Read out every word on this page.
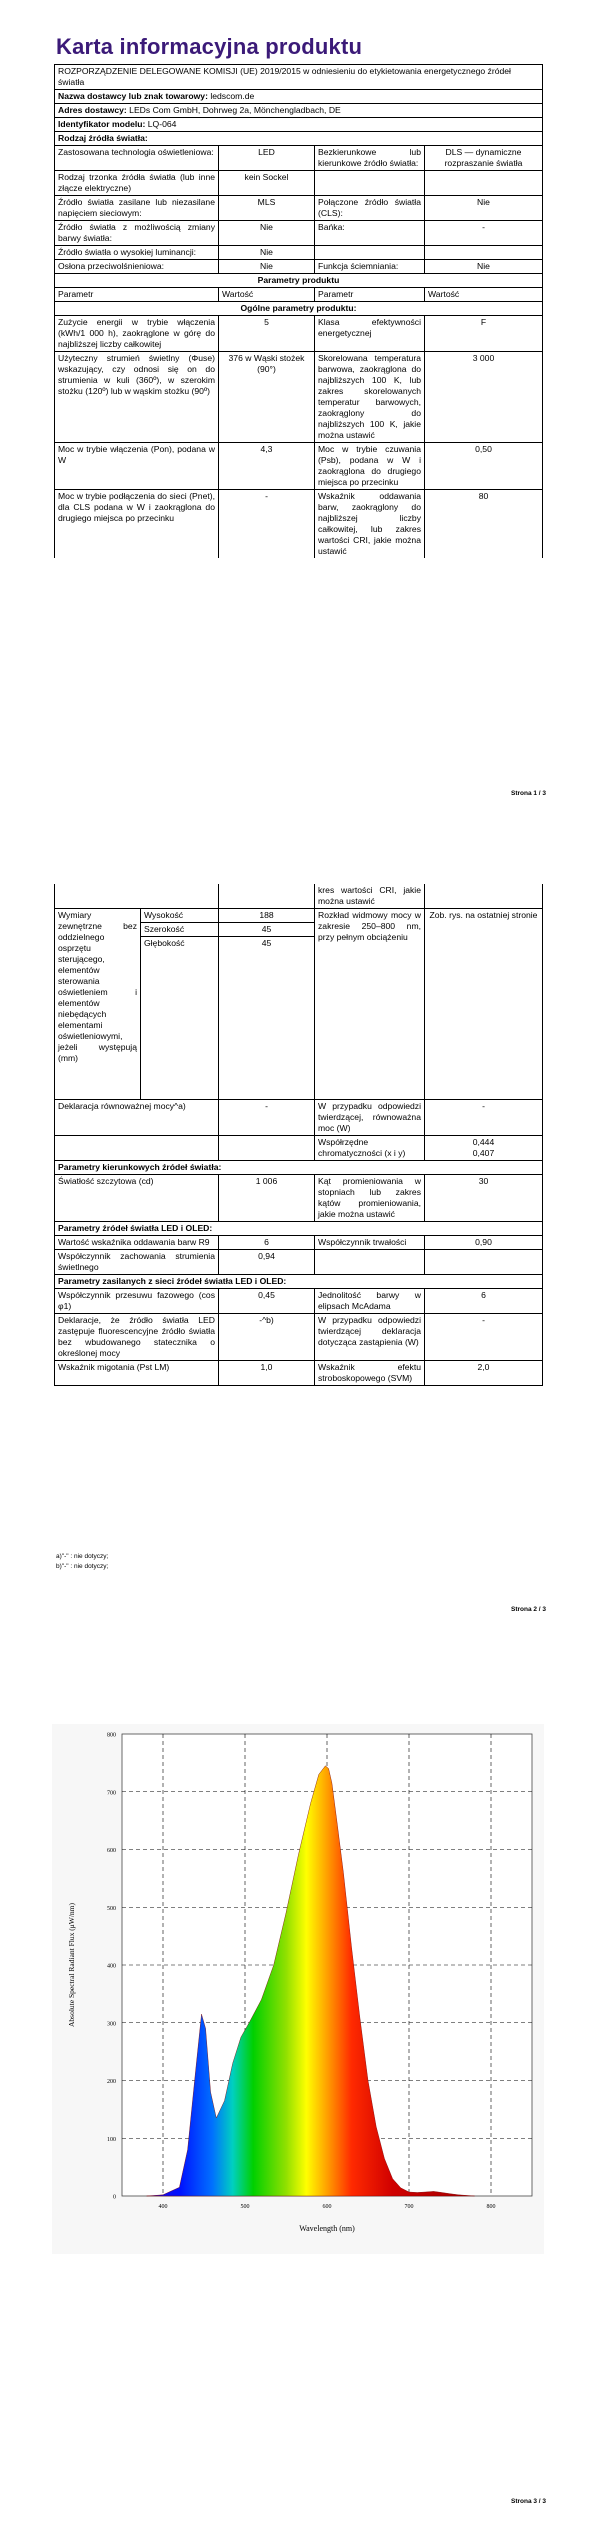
Karta informacyjna produktu
ROZPORZĄDZENIE DELEGOWANE KOMISJI (UE) 2019/2015 w odniesieniu do etykietowania energetycznego źródeł światła			
Nazwa dostawcy lub znak towarowy: ledscom.de			
Adres dostawcy: LEDs Com GmbH, Dohrweg 2a, Mönchengladbach, DE			
Identyfikator modelu: LQ-064			
Rodzaj źródła światła:			
Zastosowana technologia oświetleniowa:	LED	Bezkierunkowe lub kierunkowe źródło światła:	DLS — dynamiczne rozpraszanie światła
Rodzaj trzonka źródła światła (lub inne złącze elektryczne)	kein Sockel		
Źródło światła zasilane lub niezasilane napięciem sieciowym:	MLS	Połączone źródło światła (CLS):	Nie
Źródło światła z możliwością zmiany barwy światła:	Nie	Bańka:	-
Źródło światła o wysokiej luminancji:	Nie		
Osłona przeciwolśnieniowa:	Nie	Funkcja ściemniania:	Nie
Parametry produktu			
Parametr	Wartość	Parametr	Wartość
Ogólne parametry produktu:			
Zużycie energii w trybie włączenia (kWh/1 000 h), zaokrąglone w górę do najbliższej liczby całkowitej	5	Klasa efektywności energetycznej	F
Użyteczny strumień świetlny (Φuse) wskazujący, czy odnosi się on do strumienia w kuli (360º), w szerokim stożku (120º) lub w wąskim stożku (90º)	376 w Wąski stożek (90°)	Skorelowana temperatura barwowa, zaokrąglona do najbliższych 100 K, lub zakres skorelowanych temperatur barwowych, zaokrąglony do najbliższych 100 K, jakie można ustawić	3 000
Moc w trybie włączenia (Pon), podana w W	4,3	Moc w trybie czuwania (Psb), podana w W i zaokrąglona do drugiego miejsca po przecinku	0,50
Moc w trybie podłączenia do sieci (Pnet), dla CLS podana w W i zaokrąglona do drugiego miejsca po przecinku	-	Wskaźnik oddawania barw, zaokrąglony do najbliższej liczby całkowitej, lub zakres wartości CRI, jakie można ustawić	80
Strona 1 / 3
			kres wartości CRI, jakie można ustawić	
Wymiary zewnętrzne bez oddzielnego osprzętu sterującego, elementów sterowania oświetleniem i elementów niebędących elementami oświetleniowymi, jeżeli występują (mm)	Wysokość	188	Rozkład widmowy mocy w zakresie 250–800 nm, przy pełnym obciążeniu	Zob. rys. na ostatniej stronie
	Szerokość	45		
	Głębokość	45		
Deklaracja równoważnej mocy^a)		-	W przypadku odpowiedzi twierdzącej, równoważna moc (W)	-
			Współrzędne chromatyczności (x i y)	0,444
0,407
Parametry kierunkowych źródeł światła:				
Światłość szczytowa (cd)		1 006	Kąt promieniowania w stopniach lub zakres kątów promieniowania, jakie można ustawić	30
Parametry źródeł światła LED i OLED:				
Wartość wskaźnika oddawania barw R9		6	Współczynnik trwałości	0,90
Współczynnik zachowania strumienia świetlnego		0,94		
Parametry zasilanych z sieci źródeł światła LED i OLED:				
Współczynnik przesuwu fazowego (cos φ1)		0,45	Jednolitość barwy w elipsach McAdama	6
Deklaracje, że źródło światła LED zastępuje fluorescencyjne źródło światła bez wbudowanego statecznika o określonej mocy		-^b)	W przypadku odpowiedzi twierdzącej deklaracja dotycząca zastąpienia (W)	-
Wskaźnik migotania (Pst LM)		1,0	Wskaźnik efektu stroboskopowego (SVM)	2,0
a)"-" : nie dotyczy;
b)"-" : nie dotyczy;
Strona 2 / 3
0
100
200
300
400
500
600
700
800
400	500	600	700	800
Wavelength (nm)
Absolute Spectral Radiant Flux (μW/nm)
Strona 3 / 3
